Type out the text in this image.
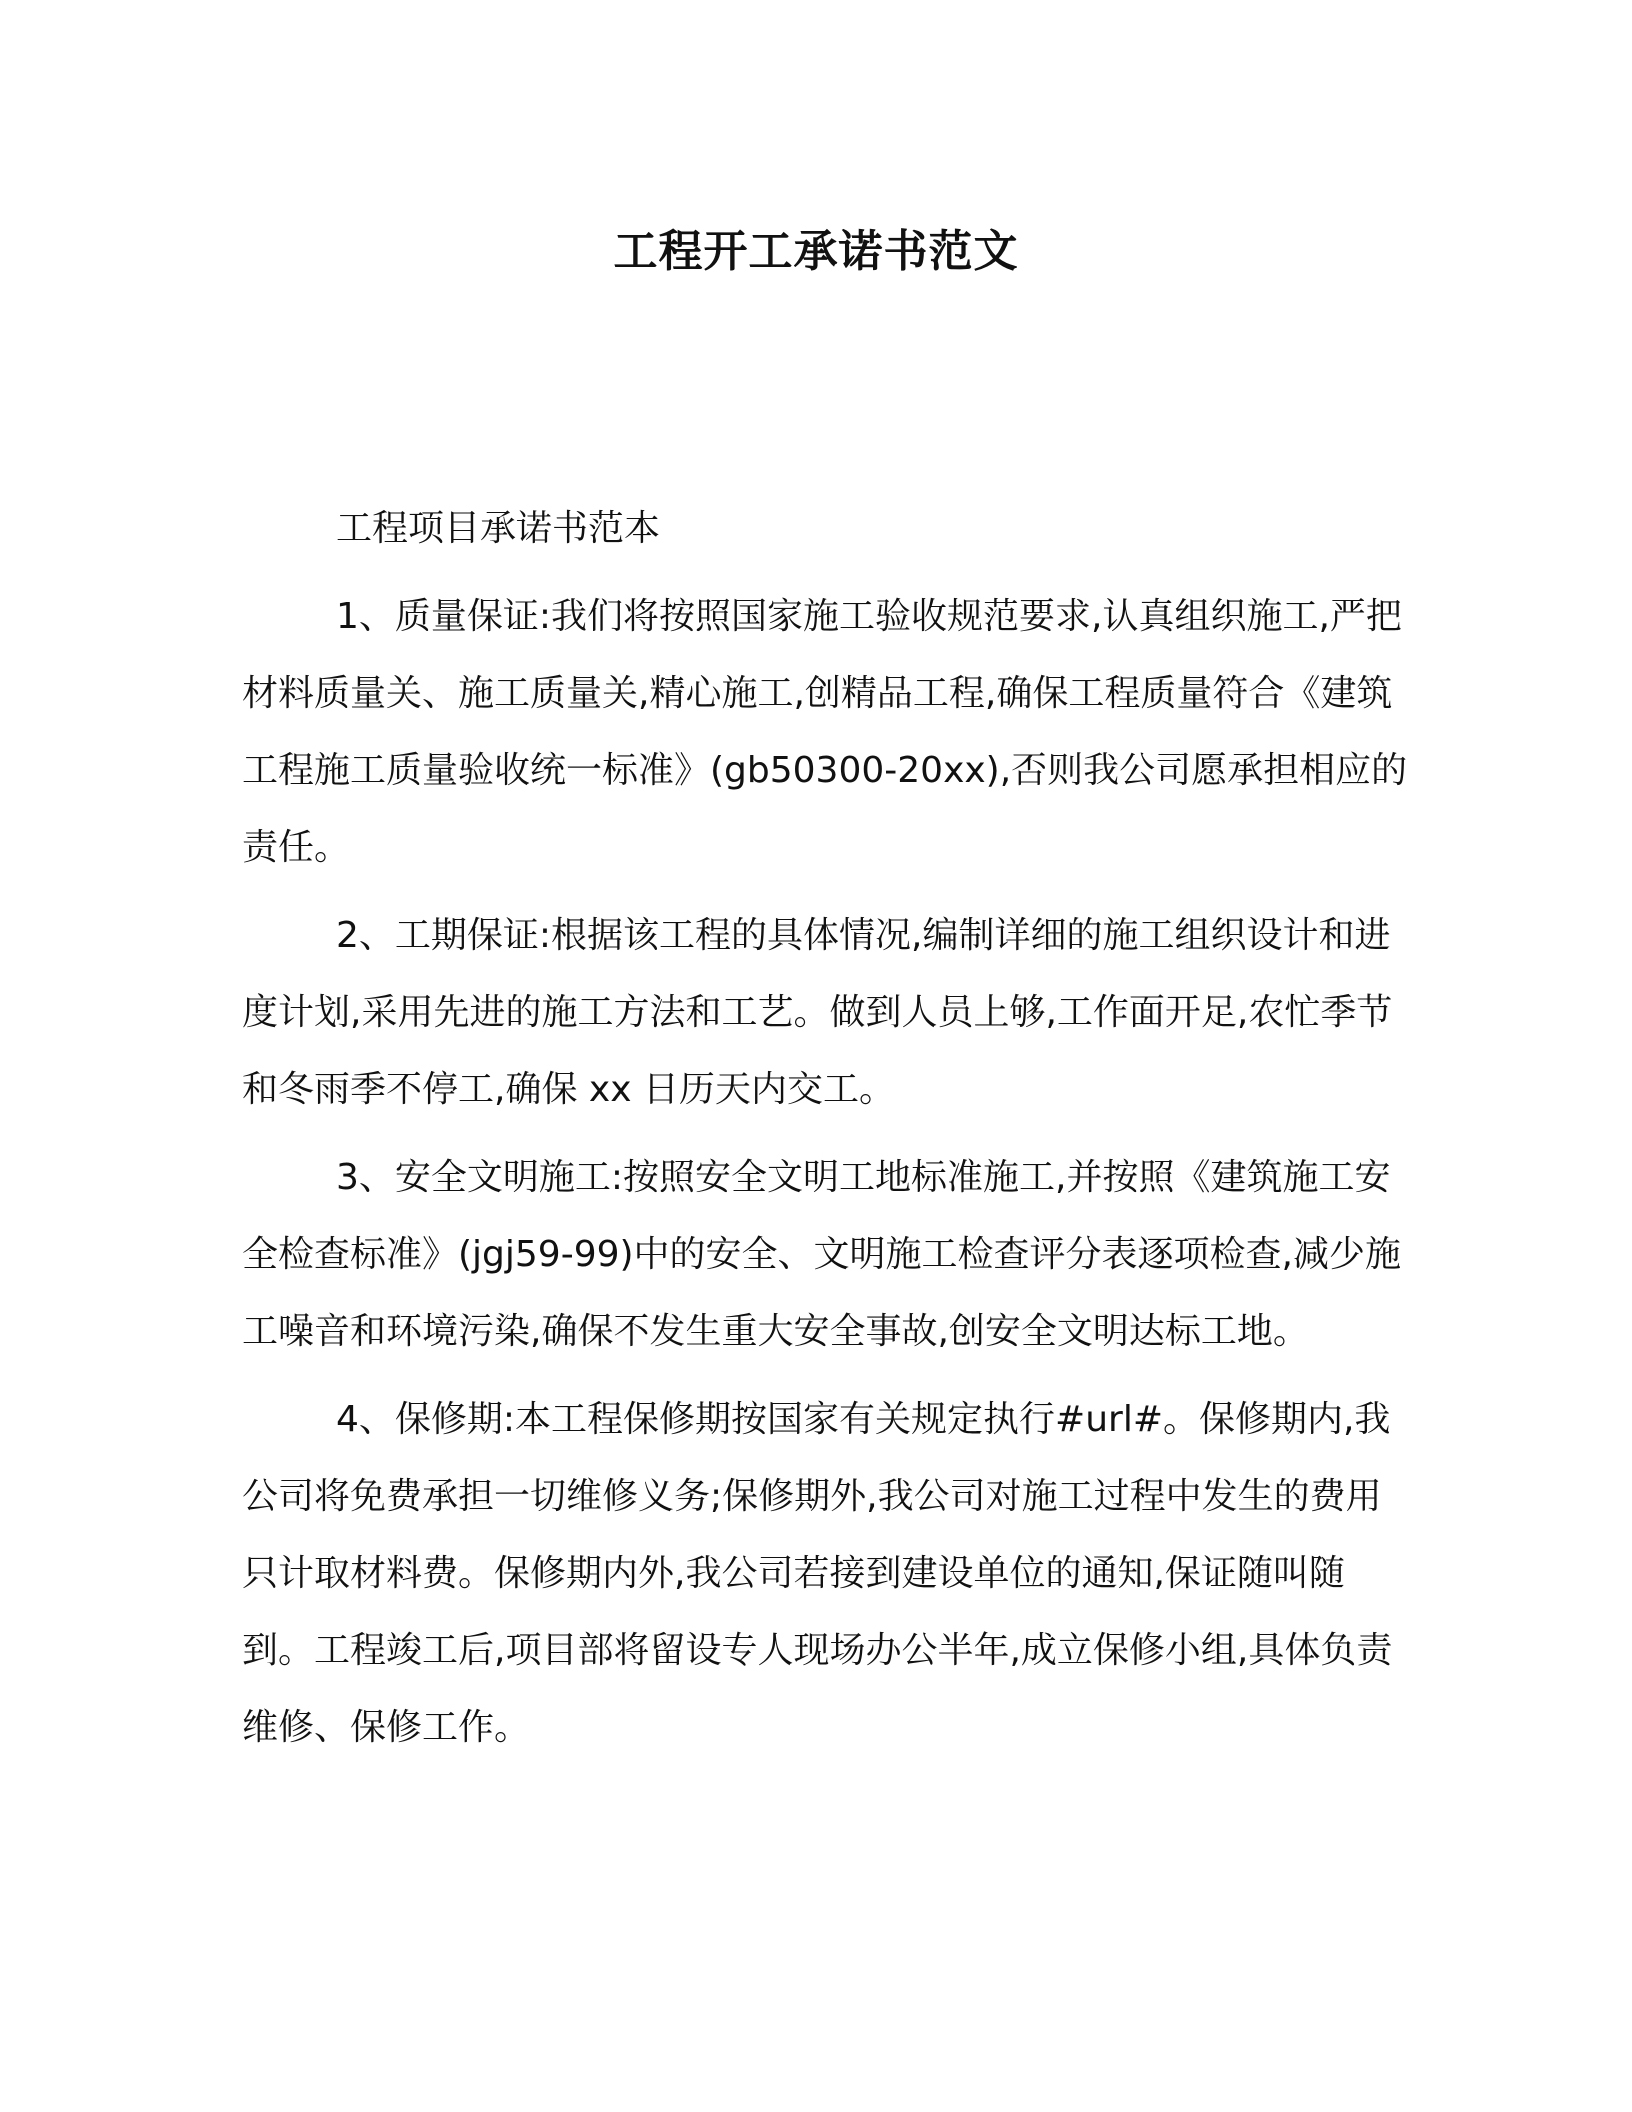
工程开工承诺书范文

工程项目承诺书范本

1、质量保证:我们将按照国家施工验收规范要求,认真组织施工,严把材料质量关、施工质量关,精心施工,创精品工程,确保工程质量符合《建筑工程施工质量验收统一标准》(gb50300-20xx),否则我公司愿承担相应的责任。

2、工期保证:根据该工程的具体情况,编制详细的施工组织设计和进度计划,采用先进的施工方法和工艺。做到人员上够,工作面开足,农忙季节和冬雨季不停工,确保 xx 日历天内交工。

3、安全文明施工:按照安全文明工地标准施工,并按照《建筑施工安全检查标准》(jgj59-99)中的安全、文明施工检查评分表逐项检查,减少施工噪音和环境污染,确保不发生重大安全事故,创安全文明达标工地。

4、保修期:本工程保修期按国家有关规定执行#url#。保修期内,我公司将免费承担一切维修义务;保修期外,我公司对施工过程中发生的费用只计取材料费。保修期内外,我公司若接到建设单位的通知,保证随叫随到。工程竣工后,项目部将留设专人现场办公半年,成立保修小组,具体负责维修、保修工作。
